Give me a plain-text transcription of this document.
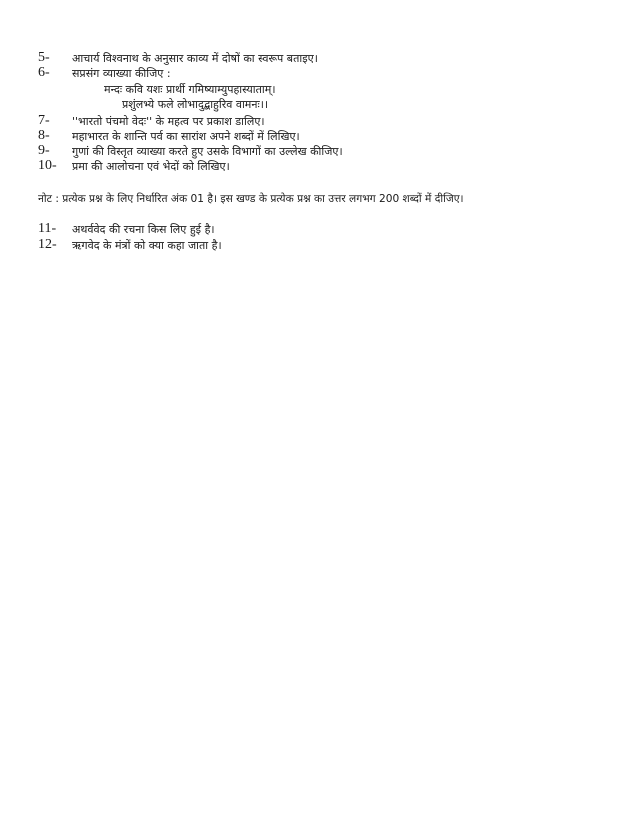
5- आचार्य विश्वनाथ के अनुसार काव्य में दोषों का स्वरूप बताइए।
6- सप्रसंग व्याख्या कीजिए :
मन्दः कवि यशः प्रार्थी गमिष्याम्युपहास्याताम्।
प्रशुंलभ्ये फले लोभादुद्बाहुरिव वामनः।।
7- ''भारतो पंचमो वेदः'' के महत्व पर प्रकाश डालिए।
8- महाभारत के शान्ति पर्व का सारांश अपने शब्दों में लिखिए।
9- गुणां की विस्तृत व्याख्या करते हुए उसके विभागों का उल्लेख कीजिए।
10- प्रमा की आलोचना एवं भेदों को लिखिए।
नोट : प्रत्येक प्रश्न के लिए निर्धारित अंक 01 है। इस खण्ड के प्रत्येक प्रश्न का उत्तर लगभग 200 शब्दों में दीजिए।
11- अथर्ववेद की रचना किस लिए हुई है।
12- ऋगवेद के मंत्रों को क्या कहा जाता है।
